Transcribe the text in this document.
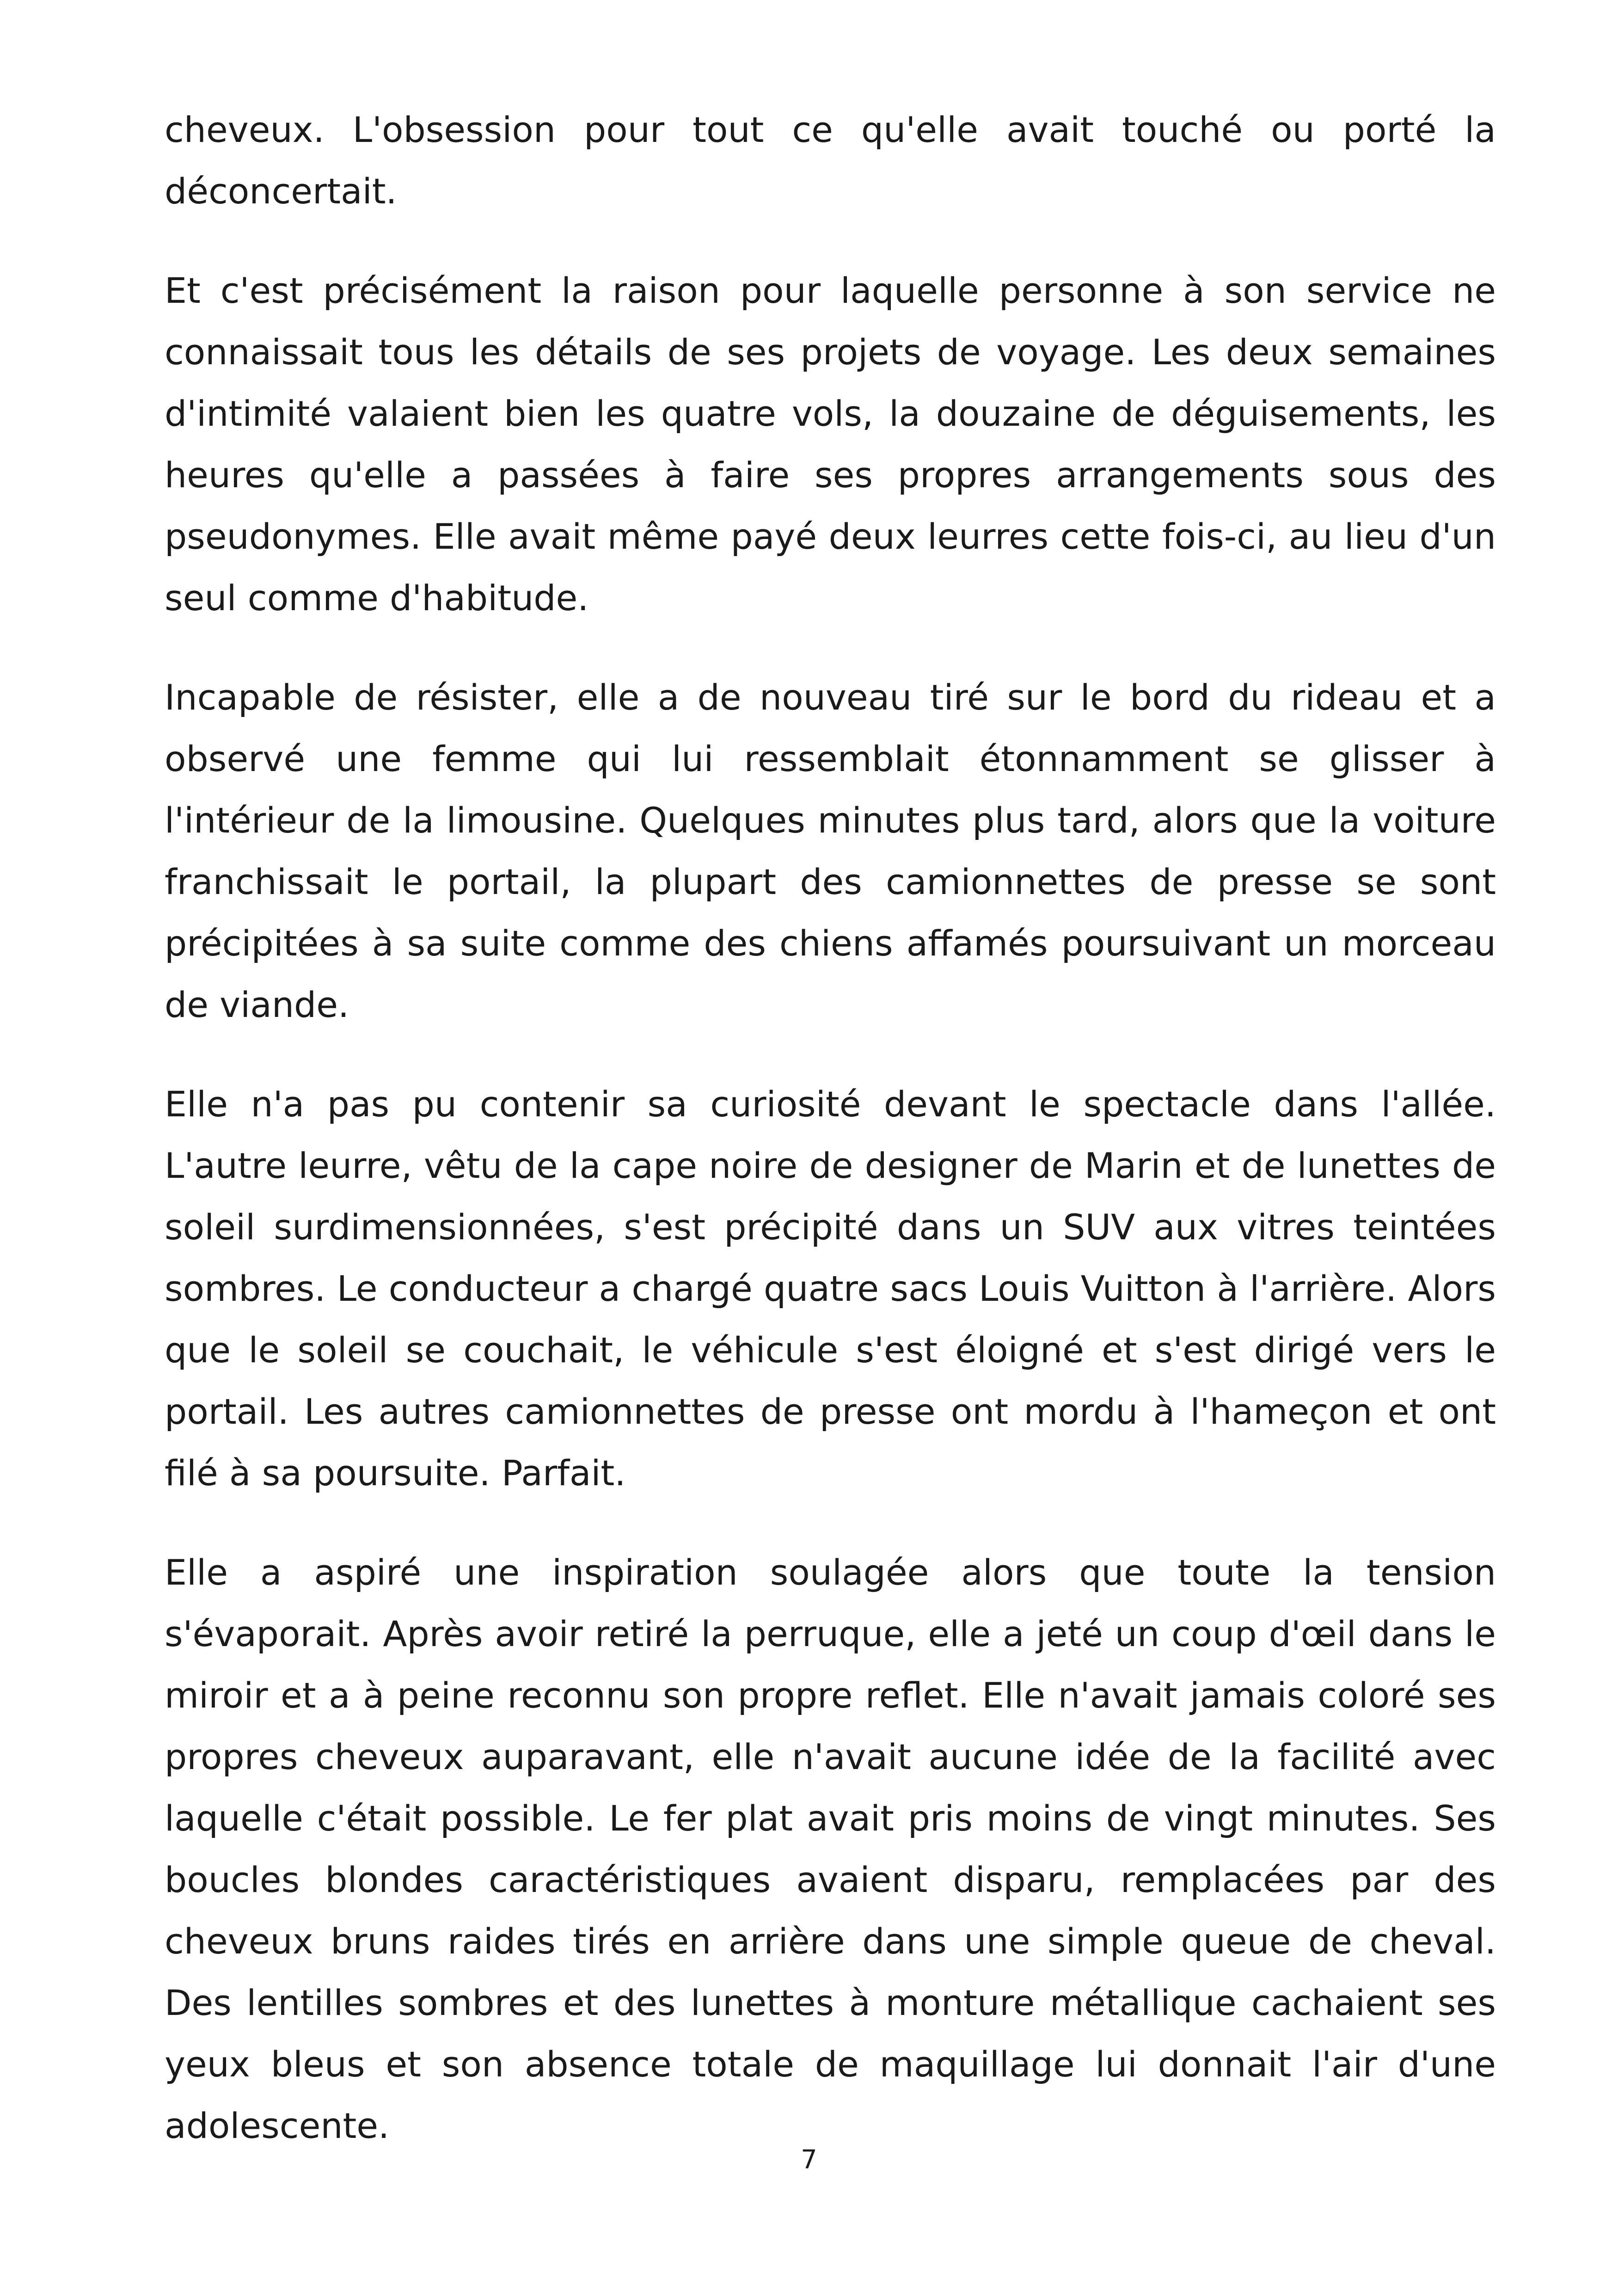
cheveux. L'obsession pour tout ce qu'elle avait touché ou porté la déconcertait.

Et c'est précisément la raison pour laquelle personne à son service ne connaissait tous les détails de ses projets de voyage. Les deux semaines d'intimité valaient bien les quatre vols, la douzaine de déguisements, les heures qu'elle a passées à faire ses propres arrangements sous des pseudonymes. Elle avait même payé deux leurres cette fois-ci, au lieu d'un seul comme d'habitude.

Incapable de résister, elle a de nouveau tiré sur le bord du rideau et a observé une femme qui lui ressemblait étonnamment se glisser à l'intérieur de la limousine. Quelques minutes plus tard, alors que la voiture franchissait le portail, la plupart des camionnettes de presse se sont précipitées à sa suite comme des chiens affamés poursuivant un morceau de viande.

Elle n'a pas pu contenir sa curiosité devant le spectacle dans l'allée. L'autre leurre, vêtu de la cape noire de designer de Marin et de lunettes de soleil surdimensionnées, s'est précipité dans un SUV aux vitres teintées sombres. Le conducteur a chargé quatre sacs Louis Vuitton à l'arrière. Alors que le soleil se couchait, le véhicule s'est éloigné et s'est dirigé vers le portail. Les autres camionnettes de presse ont mordu à l'hameçon et ont filé à sa poursuite. Parfait.

Elle a aspiré une inspiration soulagée alors que toute la tension s'évaporait. Après avoir retiré la perruque, elle a jeté un coup d'œil dans le miroir et a à peine reconnu son propre reflet. Elle n'avait jamais coloré ses propres cheveux auparavant, elle n'avait aucune idée de la facilité avec laquelle c'était possible. Le fer plat avait pris moins de vingt minutes. Ses boucles blondes caractéristiques avaient disparu, remplacées par des cheveux bruns raides tirés en arrière dans une simple queue de cheval. Des lentilles sombres et des lunettes à monture métallique cachaient ses yeux bleus et son absence totale de maquillage lui donnait l'air d'une adolescente.

7
